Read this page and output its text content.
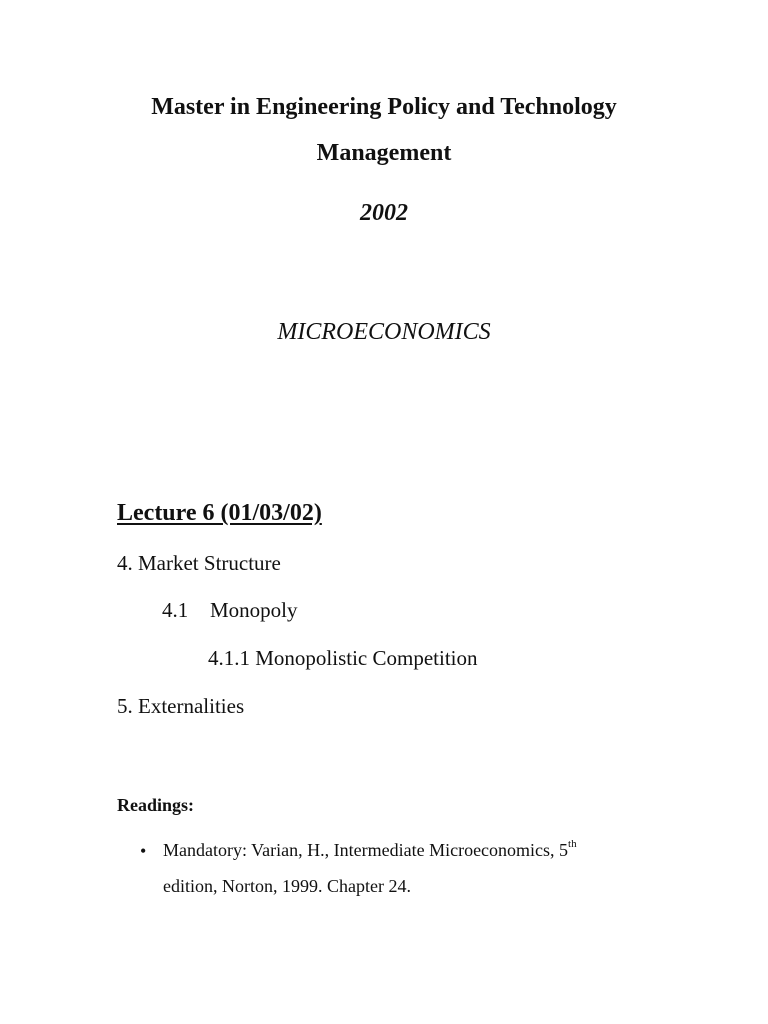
Master in Engineering Policy and Technology
Management
2002
MICROECONOMICS
Lecture 6 (01/03/02)
4. Market Structure
4.1 Monopoly
4.1.1 Monopolistic Competition
5. Externalities
Readings:
• Mandatory: Varian, H., Intermediate Microeconomics, 5th
edition, Norton, 1999. Chapter 24.
